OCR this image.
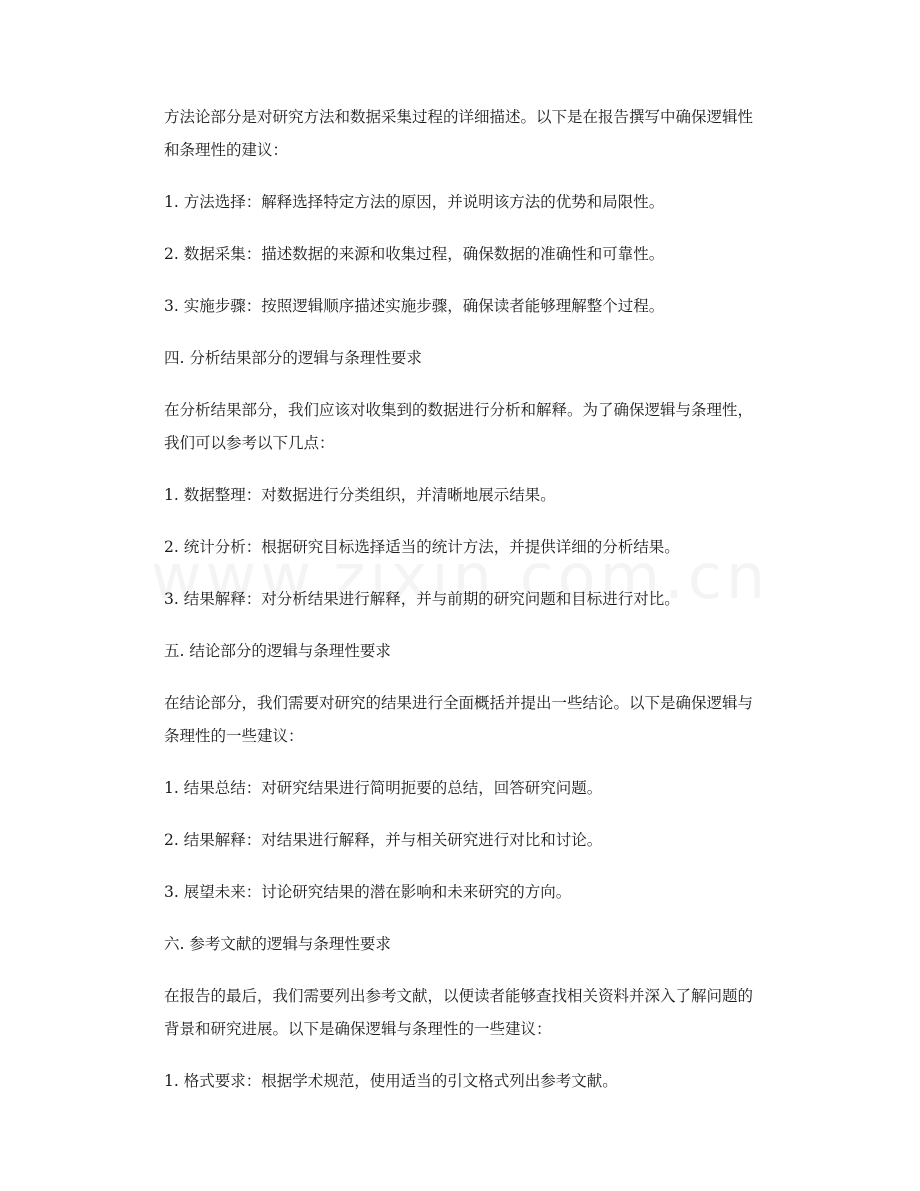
方法论部分是对研究方法和数据采集过程的详细描述。以下是在报告撰写中确保逻辑性和条理性的建议：

1. 方法选择：解释选择特定方法的原因，并说明该方法的优势和局限性。

2. 数据采集：描述数据的来源和收集过程，确保数据的准确性和可靠性。

3. 实施步骤：按照逻辑顺序描述实施步骤，确保读者能够理解整个过程。

四. 分析结果部分的逻辑与条理性要求

在分析结果部分，我们应该对收集到的数据进行分析和解释。为了确保逻辑与条理性，我们可以参考以下几点：

1. 数据整理：对数据进行分类组织，并清晰地展示结果。

2. 统计分析：根据研究目标选择适当的统计方法，并提供详细的分析结果。

3. 结果解释：对分析结果进行解释，并与前期的研究问题和目标进行对比。

五. 结论部分的逻辑与条理性要求

在结论部分，我们需要对研究的结果进行全面概括并提出一些结论。以下是确保逻辑与条理性的一些建议：

1. 结果总结：对研究结果进行简明扼要的总结，回答研究问题。

2. 结果解释：对结果进行解释，并与相关研究进行对比和讨论。

3. 展望未来：讨论研究结果的潜在影响和未来研究的方向。

六. 参考文献的逻辑与条理性要求

在报告的最后，我们需要列出参考文献，以便读者能够查找相关资料并深入了解问题的背景和研究进展。以下是确保逻辑与条理性的一些建议：

1. 格式要求：根据学术规范，使用适当的引文格式列出参考文献。
